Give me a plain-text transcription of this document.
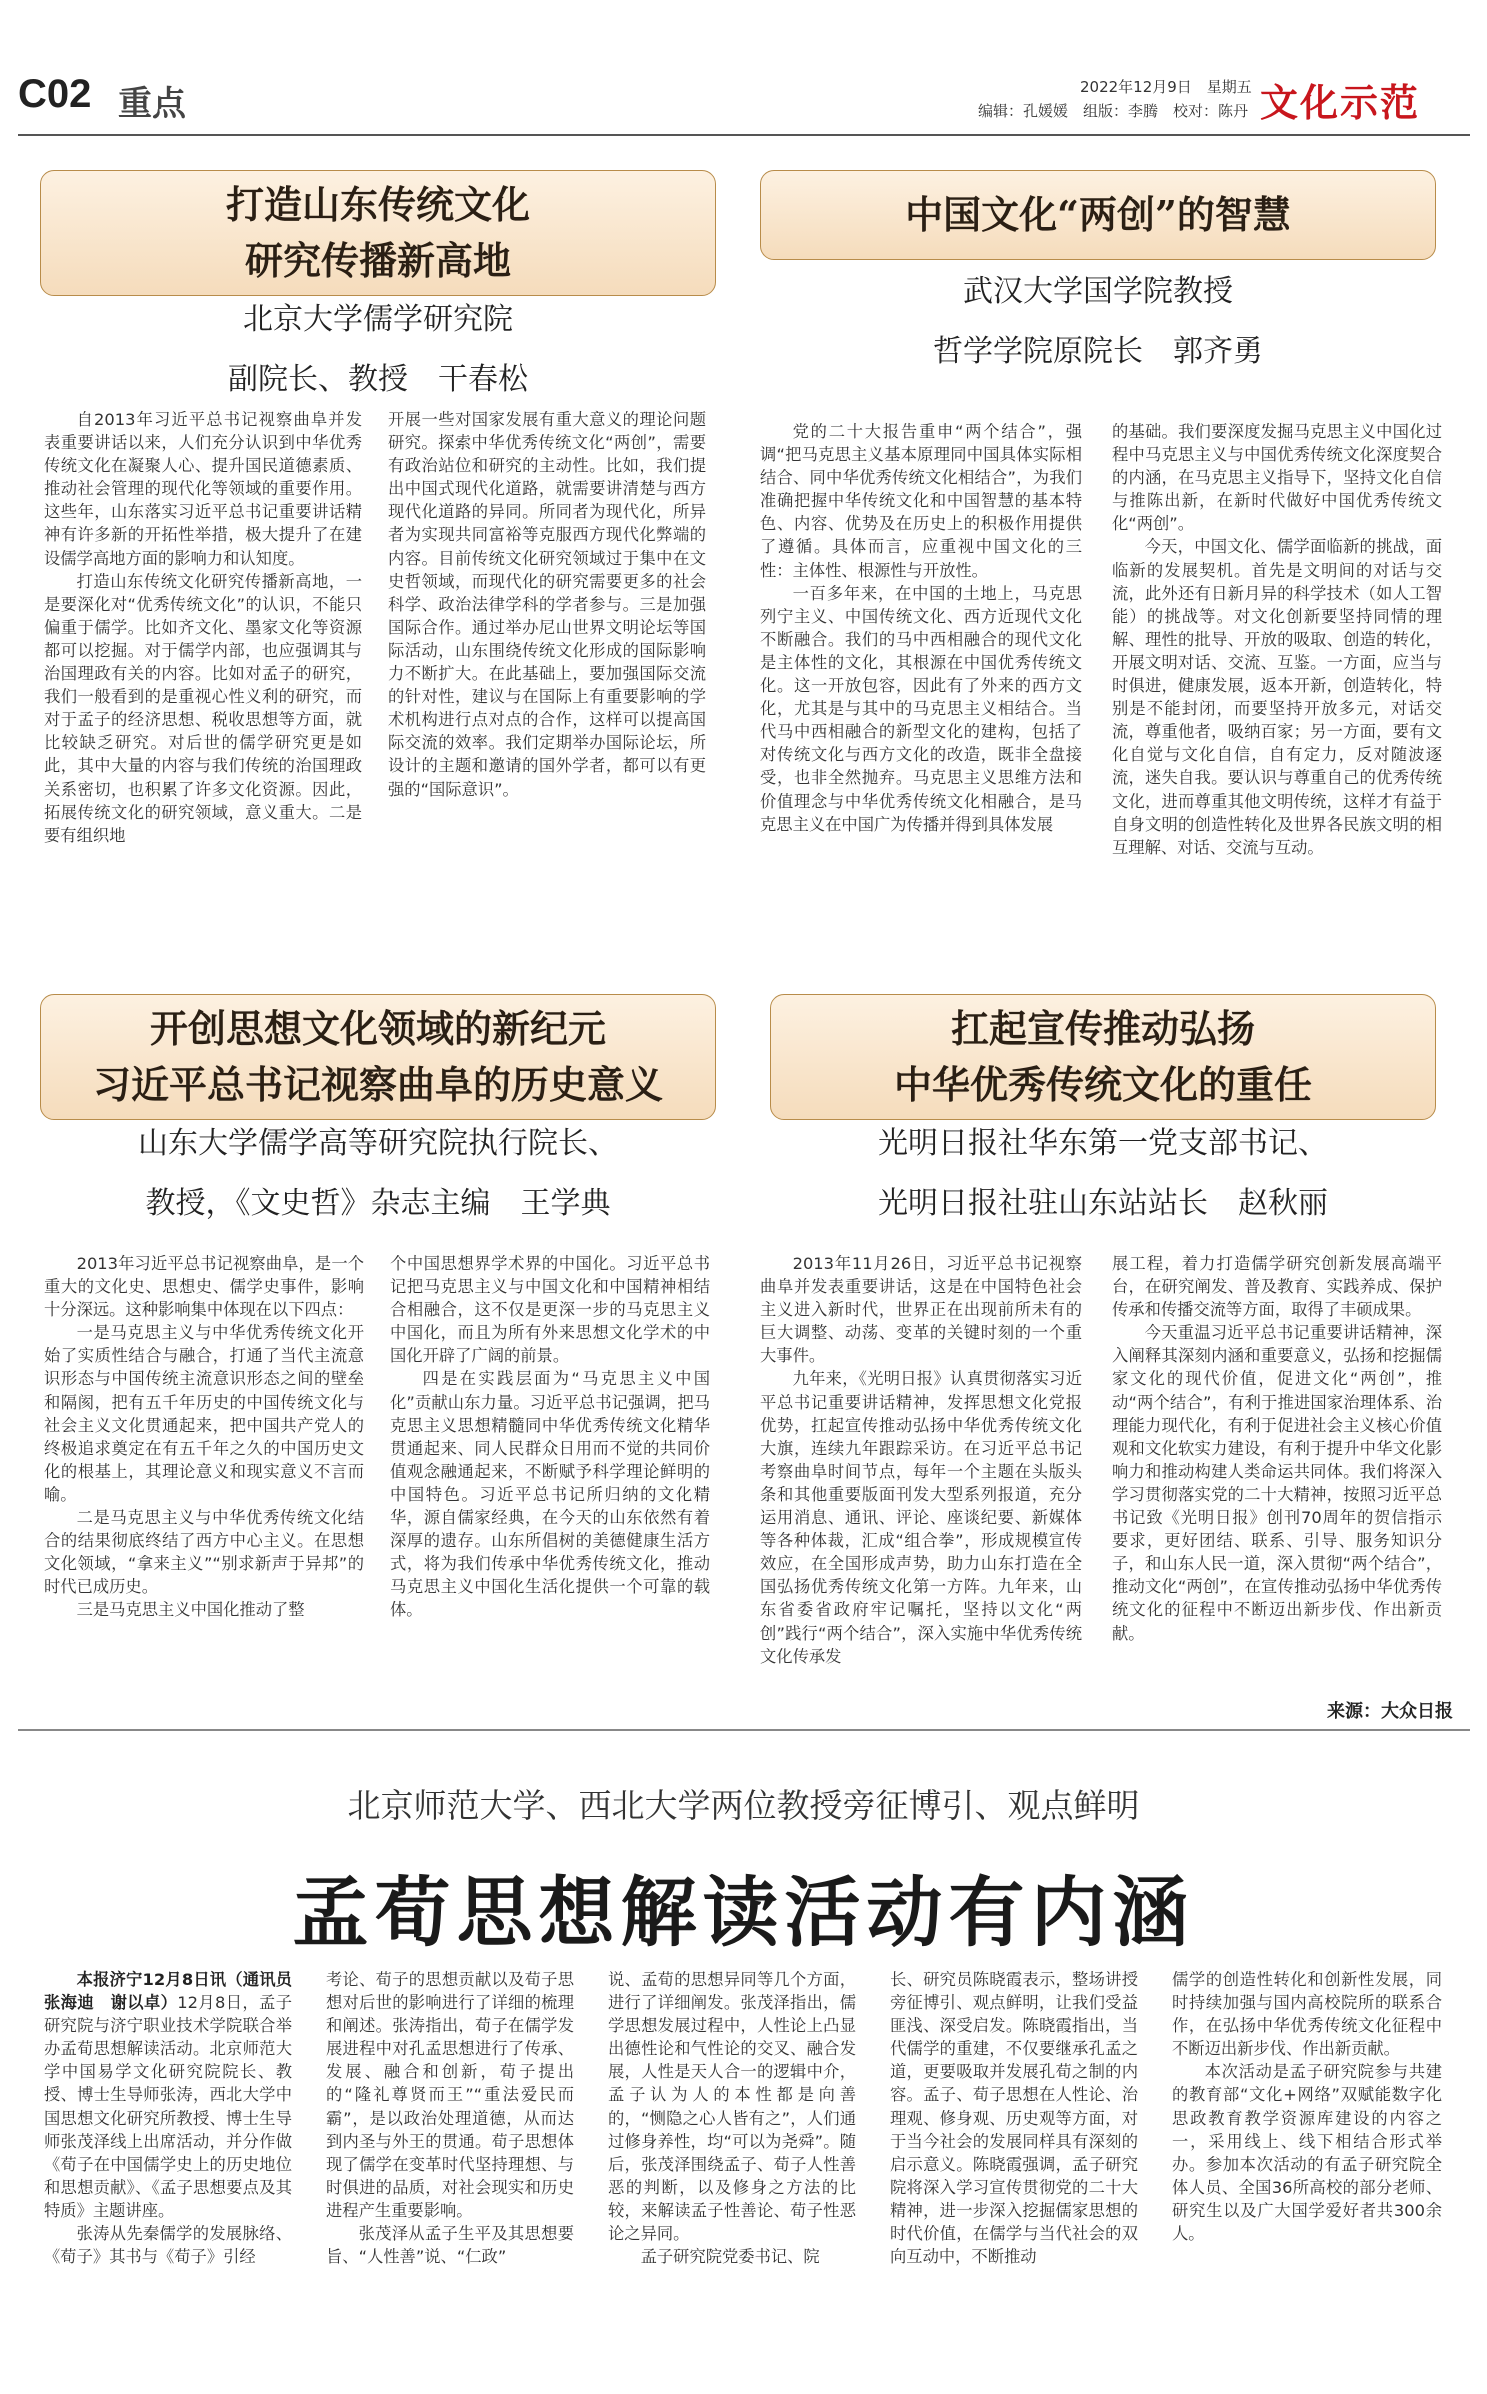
C02 重点	2022年12月9日　星期五
编辑：孔媛媛　组版：李腾　校对：陈丹 文化示范
打造山东传统文化
研究传播新高地
北京大学儒学研究院
副院长、教授　干春松

自2013年习近平总书记视察曲阜并发表重要讲话以来，人们充分认识到中华优秀传统文化在凝聚人心、提升国民道德素质、推动社会管理的现代化等领域的重要作用。这些年，山东落实习近平总书记重要讲话精神有许多新的开拓性举措，极大提升了在建设儒学高地方面的影响力和认知度。

打造山东传统文化研究传播新高地，一是要深化对“优秀传统文化”的认识，不能只偏重于儒学。比如齐文化、墨家文化等资源都可以挖掘。对于儒学内部，也应强调其与治国理政有关的内容。比如对孟子的研究，我们一般看到的是重视心性义利的研究，而对于孟子的经济思想、税收思想等方面，就比较缺乏研究。对后世的儒学研究更是如此，其中大量的内容与我们传统的治国理政关系密切，也积累了许多文化资源。因此，拓展传统文化的研究领域，意义重大。二是要有组织地

开展一些对国家发展有重大意义的理论问题研究。探索中华优秀传统文化“两创”，需要有政治站位和研究的主动性。比如，我们提出中国式现代化道路，就需要讲清楚与西方现代化道路的异同。所同者为现代化，所异者为实现共同富裕等克服西方现代化弊端的内容。目前传统文化研究领域过于集中在文史哲领域，而现代化的研究需要更多的社会科学、政治法律学科的学者参与。三是加强国际合作。通过举办尼山世界文明论坛等国际活动，山东围绕传统文化形成的国际影响力不断扩大。在此基础上，要加强国际交流的针对性，建议与在国际上有重要影响的学术机构进行点对点的合作，这样可以提高国际交流的效率。我们定期举办国际论坛，所设计的主题和邀请的国外学者，都可以有更强的“国际意识”。

中国文化“两创”的智慧
武汉大学国学院教授
哲学学院原院长　郭齐勇

党的二十大报告重申“两个结合”，强调“把马克思主义基本原理同中国具体实际相结合、同中华优秀传统文化相结合”，为我们准确把握中华传统文化和中国智慧的基本特色、内容、优势及在历史上的积极作用提供了遵循。具体而言，应重视中国文化的三性：主体性、根源性与开放性。

一百多年来，在中国的土地上，马克思列宁主义、中国传统文化、西方近现代文化不断融合。我们的马中西相融合的现代文化是主体性的文化，其根源在中国优秀传统文化。这一开放包容，因此有了外来的西方文化，尤其是与其中的马克思主义相结合。当代马中西相融合的新型文化的建构，包括了对传统文化与西方文化的改造，既非全盘接受，也非全然抛弃。马克思主义思维方法和价值理念与中华优秀传统文化相融合，是马克思主义在中国广为传播并得到具体发展

的基础。我们要深度发掘马克思主义中国化过程中马克思主义与中国优秀传统文化深度契合的内涵，在马克思主义指导下，坚持文化自信与推陈出新，在新时代做好中国优秀传统文化“两创”。

今天，中国文化、儒学面临新的挑战，面临新的发展契机。首先是文明间的对话与交流，此外还有日新月异的科学技术（如人工智能）的挑战等。对文化创新要坚持同情的理解、理性的批导、开放的吸取、创造的转化，开展文明对话、交流、互鉴。一方面，应当与时俱进，健康发展，返本开新，创造转化，特别是不能封闭，而要坚持开放多元，对话交流，尊重他者，吸纳百家；另一方面，要有文化自觉与文化自信，自有定力，反对随波逐流，迷失自我。要认识与尊重自己的优秀传统文化，进而尊重其他文明传统，这样才有益于自身文明的创造性转化及世界各民族文明的相互理解、对话、交流与互动。

开创思想文化领域的新纪元
习近平总书记视察曲阜的历史意义
山东大学儒学高等研究院执行院长、
教授，《文史哲》杂志主编　王学典

2013年习近平总书记视察曲阜，是一个重大的文化史、思想史、儒学史事件，影响十分深远。这种影响集中体现在以下四点：

一是马克思主义与中华优秀传统文化开始了实质性结合与融合，打通了当代主流意识形态与中国传统主流意识形态之间的壁垒和隔阂，把有五千年历史的中国传统文化与社会主义文化贯通起来，把中国共产党人的终极追求奠定在有五千年之久的中国历史文化的根基上，其理论意义和现实意义不言而喻。

二是马克思主义与中华优秀传统文化结合的结果彻底终结了西方中心主义。在思想文化领域，“拿来主义”“别求新声于异邦”的时代已成历史。

三是马克思主义中国化推动了整

个中国思想界学术界的中国化。习近平总书记把马克思主义与中国文化和中国精神相结合相融合，这不仅是更深一步的马克思主义中国化，而且为所有外来思想文化学术的中国化开辟了广阔的前景。

四是在实践层面为“马克思主义中国化”贡献山东力量。习近平总书记强调，把马克思主义思想精髓同中华优秀传统文化精华贯通起来、同人民群众日用而不觉的共同价值观念融通起来，不断赋予科学理论鲜明的中国特色。习近平总书记所归纳的文化精华，源自儒家经典，在今天的山东依然有着深厚的遗存。山东所倡树的美德健康生活方式，将为我们传承中华优秀传统文化，推动马克思主义中国化生活化提供一个可靠的载体。

扛起宣传推动弘扬
中华优秀传统文化的重任
光明日报社华东第一党支部书记、
光明日报社驻山东站站长　赵秋丽

2013年11月26日，习近平总书记视察曲阜并发表重要讲话，这是在中国特色社会主义进入新时代，世界正在出现前所未有的巨大调整、动荡、变革的关键时刻的一个重大事件。

九年来，《光明日报》认真贯彻落实习近平总书记重要讲话精神，发挥思想文化党报优势，扛起宣传推动弘扬中华优秀传统文化大旗，连续九年跟踪采访。在习近平总书记考察曲阜时间节点，每年一个主题在头版头条和其他重要版面刊发大型系列报道，充分运用消息、通讯、评论、座谈纪要、新媒体等各种体裁，汇成“组合拳”，形成规模宣传效应，在全国形成声势，助力山东打造在全国弘扬优秀传统文化第一方阵。九年来，山东省委省政府牢记嘱托，坚持以文化“两创”践行“两个结合”，深入实施中华优秀传统文化传承发

展工程，着力打造儒学研究创新发展高端平台，在研究阐发、普及教育、实践养成、保护传承和传播交流等方面，取得了丰硕成果。

今天重温习近平总书记重要讲话精神，深入阐释其深刻内涵和重要意义，弘扬和挖掘儒家文化的现代价值，促进文化“两创”，推动“两个结合”，有利于推进国家治理体系、治理能力现代化，有利于促进社会主义核心价值观和文化软实力建设，有利于提升中华文化影响力和推动构建人类命运共同体。我们将深入学习贯彻落实党的二十大精神，按照习近平总书记致《光明日报》创刊70周年的贺信指示要求，更好团结、联系、引导、服务知识分子，和山东人民一道，深入贯彻“两个结合”，推动文化“两创”，在宣传推动弘扬中华优秀传统文化的征程中不断迈出新步伐、作出新贡献。

来源：大众日报
北京师范大学、西北大学两位教授旁征博引、观点鲜明
孟荀思想解读活动有内涵

本报济宁12月8日讯（通讯员　张海迪　谢以卓）12月8日，孟子研究院与济宁职业技术学院联合举办孟荀思想解读活动。北京师范大学中国易学文化研究院院长、教授、博士生导师张涛，西北大学中国思想文化研究所教授、博士生导师张茂泽线上出席活动，并分作做《荀子在中国儒学史上的历史地位和思想贡献》、《孟子思想要点及其特质》主题讲座。

张涛从先秦儒学的发展脉络、《荀子》其书与《荀子》引经

考论、荀子的思想贡献以及荀子思想对后世的影响进行了详细的梳理和阐述。张涛指出，荀子在儒学发展进程中对孔孟思想进行了传承、发展、融合和创新，荀子提出的“隆礼尊贤而王”“重法爱民而霸”，是以政治处理道德，从而达到内圣与外王的贯通。荀子思想体现了儒学在变革时代坚持理想、与时俱进的品质，对社会现实和历史进程产生重要影响。

张茂泽从孟子生平及其思想要旨、“人性善”说、“仁政”

说、孟荀的思想异同等几个方面，进行了详细阐发。张茂泽指出，儒学思想发展过程中，人性论上凸显出德性论和气性论的交叉、融合发展，人性是天人合一的逻辑中介，孟子认为人的本性都是向善的，“恻隐之心人皆有之”，人们通过修身养性，均“可以为尧舜”。随后，张茂泽围绕孟子、荀子人性善恶的判断，以及修身之方法的比较，来解读孟子性善论、荀子性恶论之异同。

孟子研究院党委书记、院

长、研究员陈晓霞表示，整场讲授旁征博引、观点鲜明，让我们受益匪浅、深受启发。陈晓霞指出，当代儒学的重建，不仅要继承孔孟之道，更要吸取并发展孔荀之制的内容。孟子、荀子思想在人性论、治理观、修身观、历史观等方面，对于当今社会的发展同样具有深刻的启示意义。陈晓霞强调，孟子研究院将深入学习宣传贯彻党的二十大精神，进一步深入挖掘儒家思想的时代价值，在儒学与当代社会的双向互动中，不断推动

儒学的创造性转化和创新性发展，同时持续加强与国内高校院所的联系合作，在弘扬中华优秀传统文化征程中不断迈出新步伐、作出新贡献。

本次活动是孟子研究院参与共建的教育部“文化+网络”双赋能数字化思政教育教学资源库建设的内容之一，采用线上、线下相结合形式举办。参加本次活动的有孟子研究院全体人员、全国36所高校的部分老师、研究生以及广大国学爱好者共300余人。
